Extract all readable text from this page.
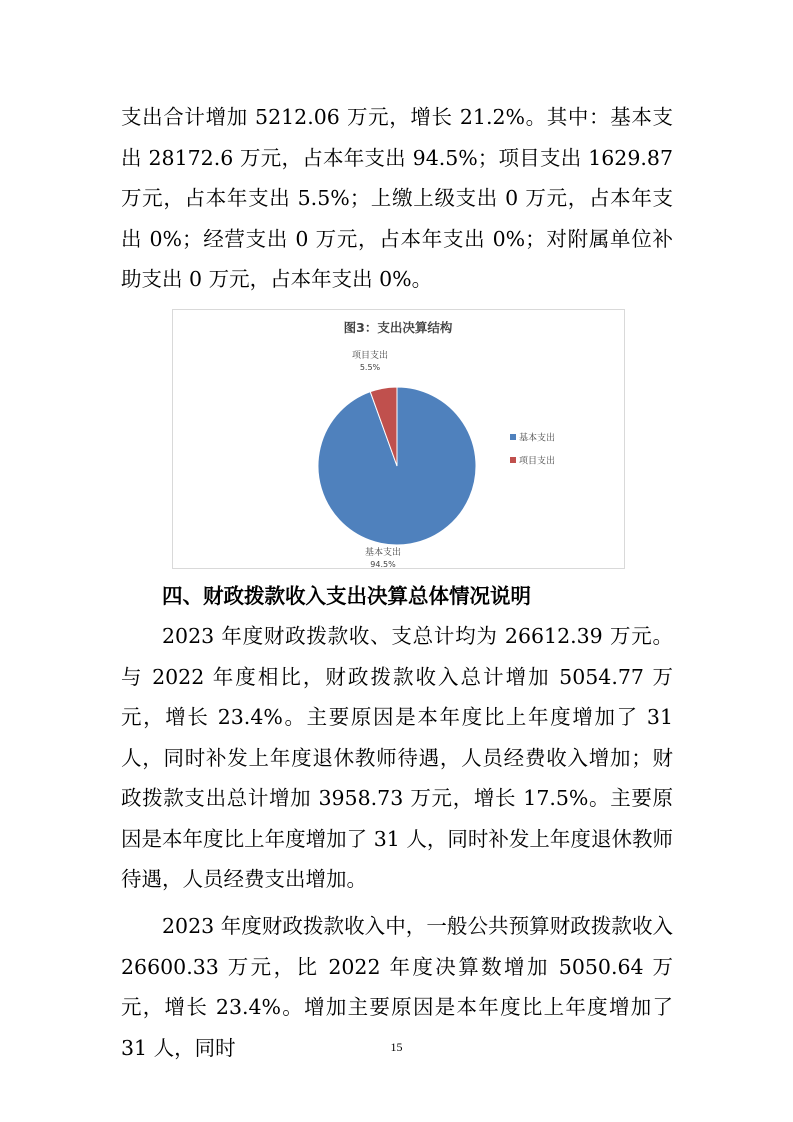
支出合计增加 5212.06 万元，增长 21.2%。其中：基本支出 28172.6 万元，占本年支出 94.5%；项目支出 1629.87 万元，占本年支出 5.5%；上缴上级支出 0 万元，占本年支出 0%；经营支出 0 万元，占本年支出 0%；对附属单位补助支出 0 万元，占本年支出 0%。

图3：支出决算结构
基本支出
94.5%
项目支出
5.5%
基本支出
项目支出
四、财政拨款收入支出决算总体情况说明

2023 年度财政拨款收、支总计均为 26612.39 万元。与 2022 年度相比，财政拨款收入总计增加 5054.77 万元，增长 23.4%。主要原因是本年度比上年度增加了 31 人，同时补发上年度退休教师待遇，人员经费收入增加；财政拨款支出总计增加 3958.73 万元，增长 17.5%。主要原因是本年度比上年度增加了 31 人，同时补发上年度退休教师待遇，人员经费支出增加。

2023 年度财政拨款收入中，一般公共预算财政拨款收入 26600.33 万元，比 2022 年度决算数增加 5050.64 万元，增长 23.4%。增加主要原因是本年度比上年度增加了 31 人，同时	15
